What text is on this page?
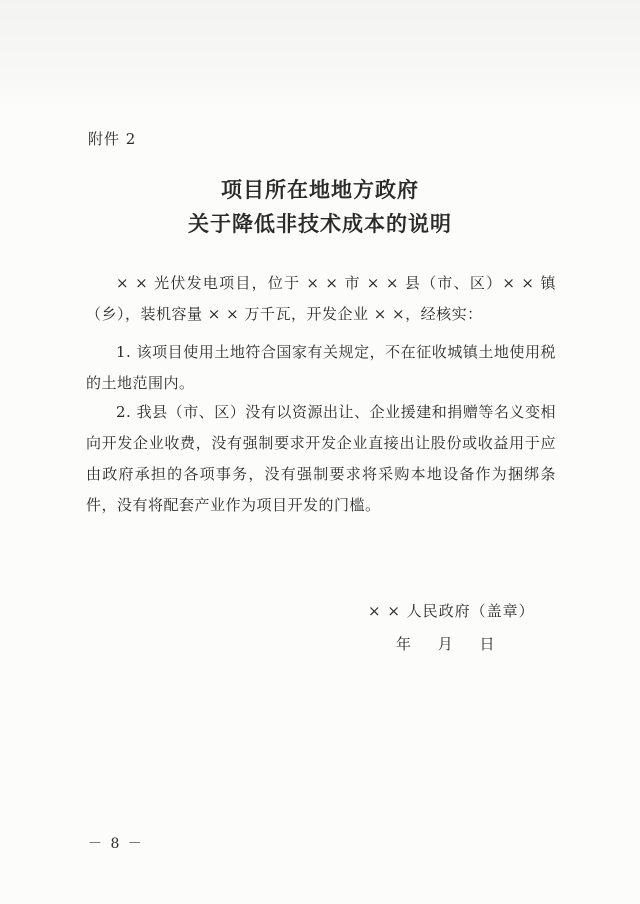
附件 2
项目所在地地方政府
关于降低非技术成本的说明
× × 光伏发电项目，位于 × × 市 × × 县（市、区）× × 镇（乡），装机容量 × × 万千瓦，开发企业 × ×，经核实：
1. 该项目使用土地符合国家有关规定，不在征收城镇土地使用税的土地范围内。
2. 我县（市、区）没有以资源出让、企业援建和捐赠等名义变相向开发企业收费，没有强制要求开发企业直接出让股份或收益用于应由政府承担的各项事务，没有强制要求将采购本地设备作为捆绑条件，没有将配套产业作为项目开发的门槛。
× × 人民政府（盖章）
年 月 日
－ 8 －
